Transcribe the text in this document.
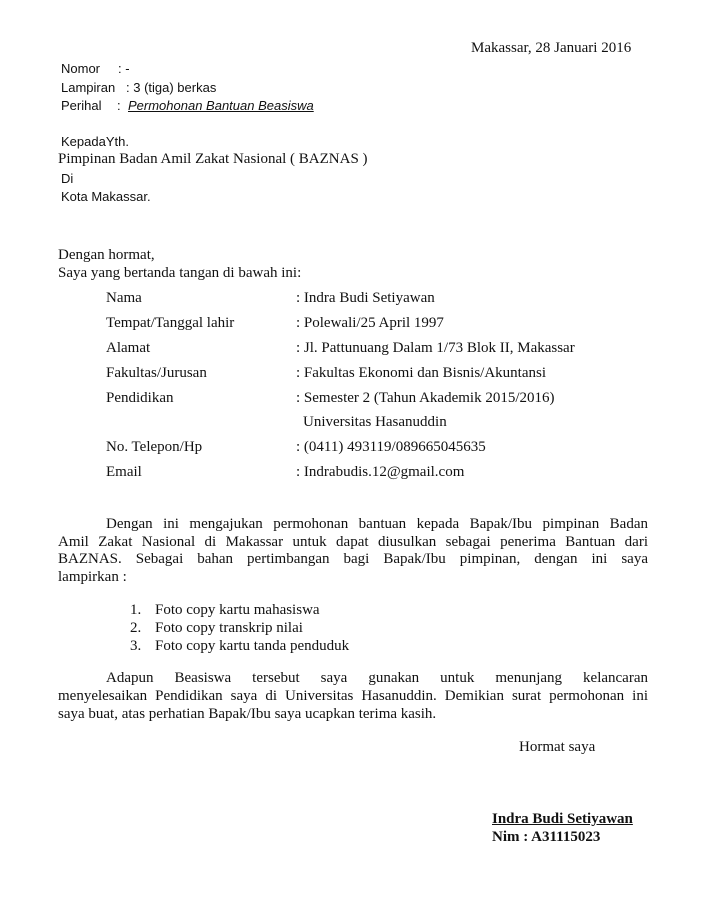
Makassar, 28 Januari 2016
Nomor : -
Lampiran : 3 (tiga) berkas
Perihal : Permohonan Bantuan Beasiswa
KepadaYth.
Pimpinan Badan Amil Zakat Nasional ( BAZNAS )
Di
Kota Makassar.
Dengan hormat,
Saya yang bertanda tangan di bawah ini:
Nama	: Indra Budi Setiyawan
Tempat/Tanggal lahir	: Polewali/25 April 1997
Alamat	: Jl. Pattunuang Dalam 1/73 Blok II, Makassar
Fakultas/Jurusan	: Fakultas Ekonomi dan Bisnis/Akuntansi
Pendidikan	: Semester 2 (Tahun Akademik 2015/2016)
Universitas Hasanuddin
No. Telepon/Hp	: (0411) 493119/089665045635
Email	: Indrabudis.12@gmail.com
Dengan ini mengajukan permohonan bantuan kepada Bapak/Ibu pimpinan Badan
Amil Zakat Nasional di Makassar untuk dapat diusulkan sebagai penerima Bantuan dari
BAZNAS. Sebagai bahan pertimbangan bagi Bapak/Ibu pimpinan, dengan ini saya
lampirkan :
1. Foto copy kartu mahasiswa
2. Foto copy transkrip nilai
3. Foto copy kartu tanda penduduk
Adapun Beasiswa tersebut saya gunakan untuk menunjang kelancaran
menyelesaikan Pendidikan saya di Universitas Hasanuddin. Demikian surat permohonan ini
saya buat, atas perhatian Bapak/Ibu saya ucapkan terima kasih.
Hormat saya
Indra Budi Setiyawan
Nim : A31115023
